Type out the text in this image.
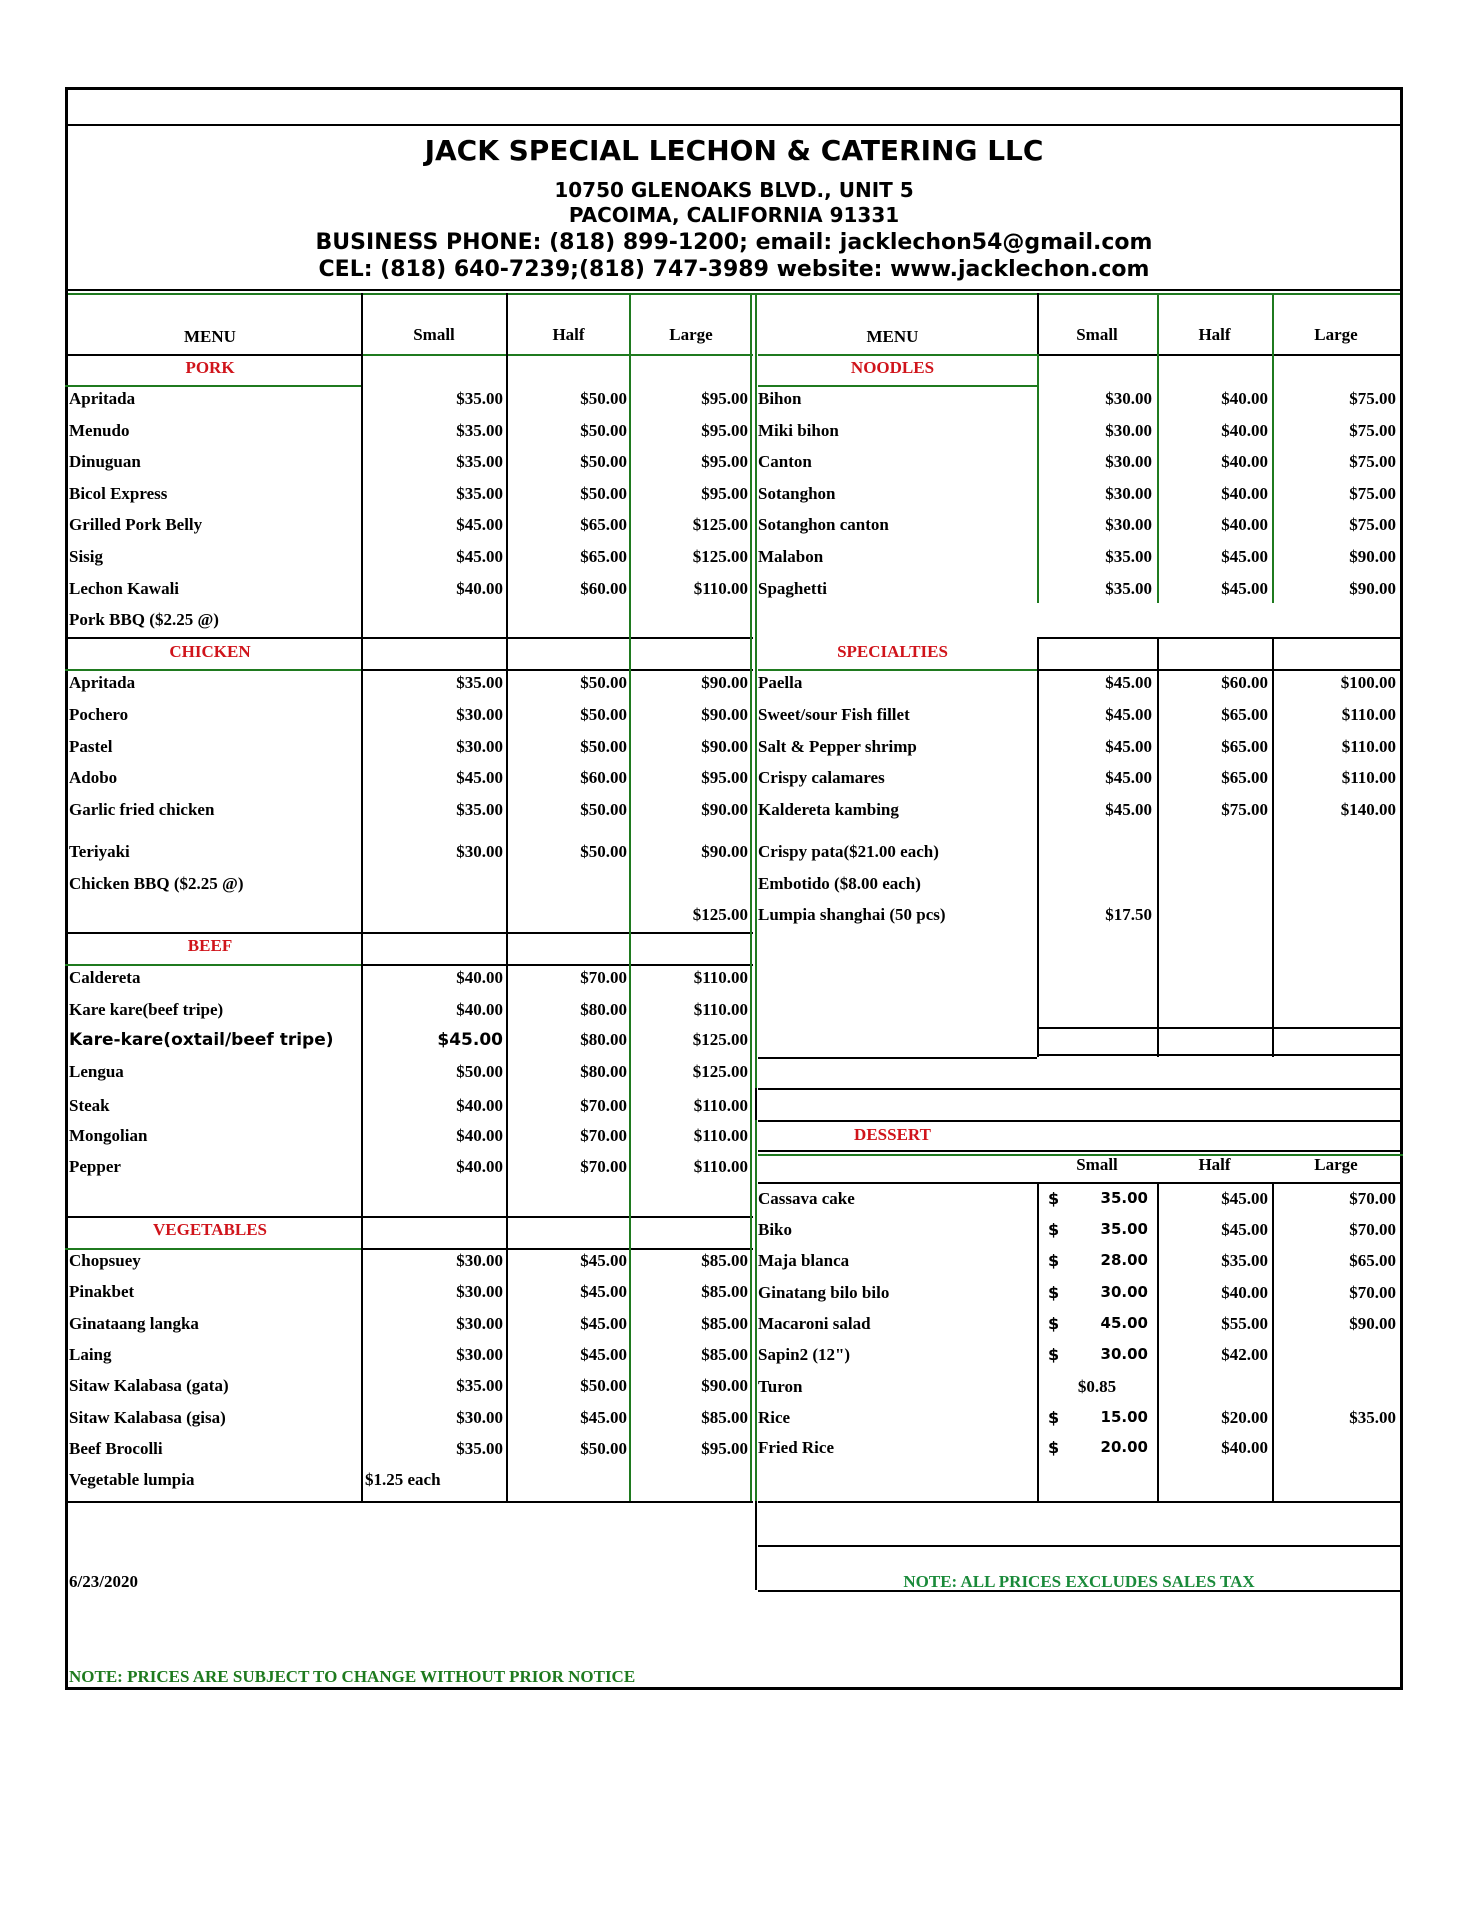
JACK SPECIAL LECHON & CATERING LLC
10750 GLENOAKS BLVD., UNIT 5
PACOIMA, CALIFORNIA 91331
BUSINESS PHONE: (818) 899-1200; email: jacklechon54@gmail.com
CEL: (818) 640-7239;(818) 747-3989 website: www.jacklechon.com
MENU	Small	Half	Large	MENU	Small	Half	Large
PORK
Apritada	$35.00	$50.00	$95.00
Menudo	$35.00	$50.00	$95.00
Dinuguan	$35.00	$50.00	$95.00
Bicol Express	$35.00	$50.00	$95.00
Grilled Pork Belly	$45.00	$65.00	$125.00
Sisig	$45.00	$65.00	$125.00
Lechon Kawali	$40.00	$60.00	$110.00
Pork BBQ ($2.25 @)
CHICKEN
Apritada	$35.00	$50.00	$90.00
Pochero	$30.00	$50.00	$90.00
Pastel	$30.00	$50.00	$90.00
Adobo	$45.00	$60.00	$95.00
Garlic fried chicken	$35.00	$50.00	$90.00
Teriyaki	$30.00	$50.00	$90.00
Chicken BBQ ($2.25 @)
$125.00
BEEF
Caldereta	$40.00	$70.00	$110.00
Kare kare(beef tripe)	$40.00	$80.00	$110.00
Kare-kare(oxtail/beef tripe)	$45.00	$80.00	$125.00
Lengua	$50.00	$80.00	$125.00
Steak	$40.00	$70.00	$110.00
Mongolian	$40.00	$70.00	$110.00
Pepper	$40.00	$70.00	$110.00
VEGETABLES
Chopsuey	$30.00	$45.00	$85.00
Pinakbet	$30.00	$45.00	$85.00
Ginataang langka	$30.00	$45.00	$85.00
Laing	$30.00	$45.00	$85.00
Sitaw Kalabasa (gata)	$35.00	$50.00	$90.00
Sitaw Kalabasa (gisa)	$30.00	$45.00	$85.00
Beef Brocolli	$35.00	$50.00	$95.00
Vegetable lumpia	$1.25 each
NOODLES
Bihon	$30.00	$40.00	$75.00
Miki bihon	$30.00	$40.00	$75.00
Canton	$30.00	$40.00	$75.00
Sotanghon	$30.00	$40.00	$75.00
Sotanghon canton	$30.00	$40.00	$75.00
Malabon	$35.00	$45.00	$90.00
Spaghetti	$35.00	$45.00	$90.00
SPECIALTIES
Paella	$45.00	$60.00	$100.00
Sweet/sour Fish fillet	$45.00	$65.00	$110.00
Salt & Pepper shrimp	$45.00	$65.00	$110.00
Crispy calamares	$45.00	$65.00	$110.00
Kaldereta kambing	$45.00	$75.00	$140.00
Crispy pata($21.00 each)
Embotido ($8.00 each)
Lumpia shanghai (50 pcs)	$17.50
DESSERT
Small	Half	Large
Cassava cake	$	35.00	$45.00	$70.00
Biko	$	35.00	$45.00	$70.00
Maja blanca	$	28.00	$35.00	$65.00
Ginatang bilo bilo	$	30.00	$40.00	$70.00
Macaroni salad	$	45.00	$55.00	$90.00
Sapin2 (12")	$	30.00	$42.00
Turon	$0.85
Rice	$	15.00	$20.00	$35.00
Fried Rice	$	20.00	$40.00
6/23/2020	NOTE: ALL PRICES EXCLUDES SALES TAX
NOTE: PRICES ARE SUBJECT TO CHANGE WITHOUT PRIOR NOTICE
